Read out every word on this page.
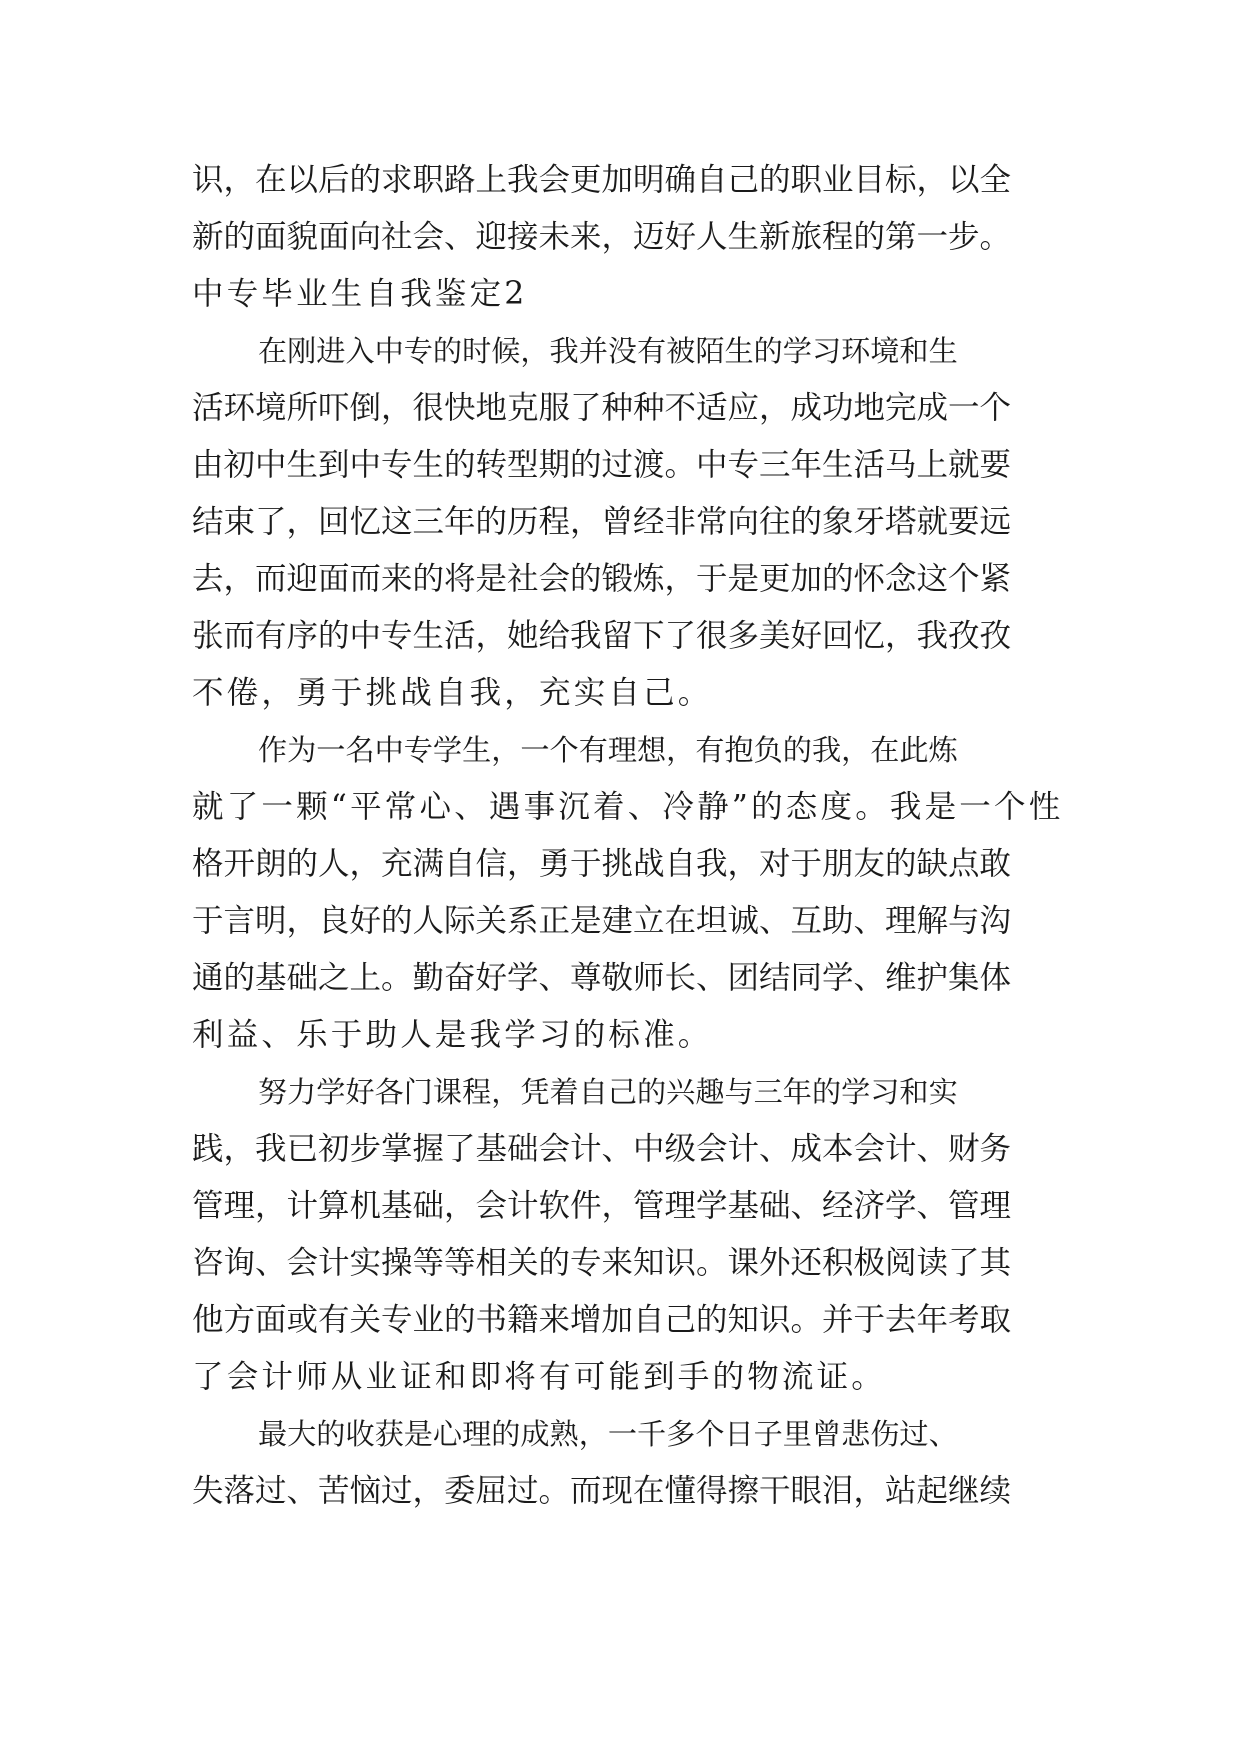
识，在以后的求职路上我会更加明确自己的职业目标，以全
新的面貌面向社会、迎接未来，迈好人生新旅程的第一步。
中专毕业生自我鉴定2
在刚进入中专的时候，我并没有被陌生的学习环境和生
活环境所吓倒，很快地克服了种种不适应，成功地完成一个
由初中生到中专生的转型期的过渡。中专三年生活马上就要
结束了，回忆这三年的历程，曾经非常向往的象牙塔就要远
去，而迎面而来的将是社会的锻炼，于是更加的怀念这个紧
张而有序的中专生活，她给我留下了很多美好回忆，我孜孜
不倦，勇于挑战自我，充实自己。
作为一名中专学生，一个有理想，有抱负的我，在此炼
就了一颗“平常心、遇事沉着、冷静”的态度。我是一个性
格开朗的人，充满自信，勇于挑战自我，对于朋友的缺点敢
于言明，良好的人际关系正是建立在坦诚、互助、理解与沟
通的基础之上。勤奋好学、尊敬师长、团结同学、维护集体
利益、乐于助人是我学习的标准。
努力学好各门课程，凭着自己的兴趣与三年的学习和实
践，我已初步掌握了基础会计、中级会计、成本会计、财务
管理，计算机基础，会计软件，管理学基础、经济学、管理
咨询、会计实操等等相关的专来知识。课外还积极阅读了其
他方面或有关专业的书籍来增加自己的知识。并于去年考取
了会计师从业证和即将有可能到手的物流证。
最大的收获是心理的成熟，一千多个日子里曾悲伤过、
失落过、苦恼过，委屈过。而现在懂得擦干眼泪，站起继续
